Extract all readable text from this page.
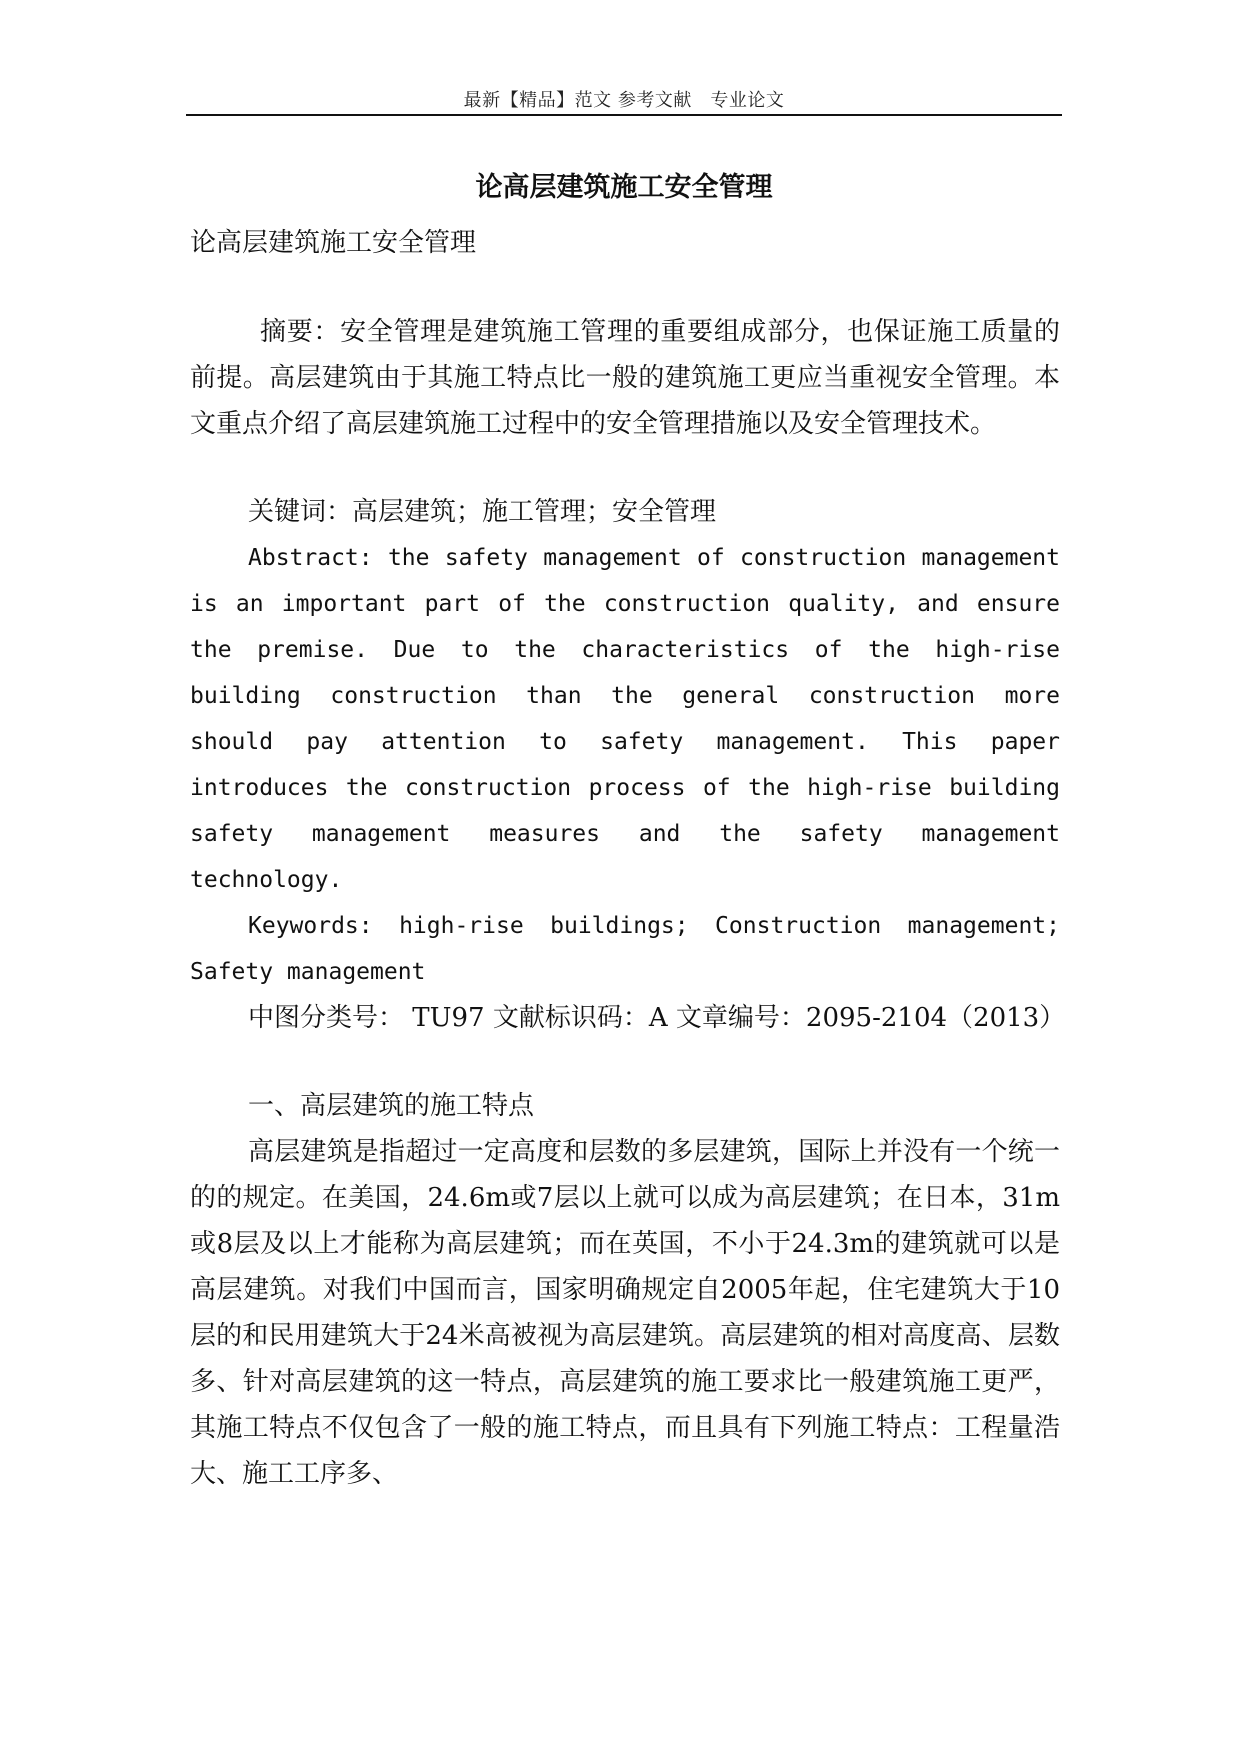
最新【精品】范文 参考文献　专业论文
论高层建筑施工安全管理

论高层建筑施工安全管理

摘要：安全管理是建筑施工管理的重要组成部分，也保证施工质量的前提。高层建筑由于其施工特点比一般的建筑施工更应当重视安全管理。本文重点介绍了高层建筑施工过程中的安全管理措施以及安全管理技术。

关键词：高层建筑；施工管理；安全管理

Abstract: the safety management of construction management is an important part of the construction quality, and ensure the premise. Due to the characteristics of the high-rise building construction than the general construction more should pay attention to safety management. This paper introduces the construction process of the high-rise building safety management measures and the safety management technology.

Keywords: high-rise buildings; Construction management; Safety management

中图分类号： TU97 文献标识码：A 文章编号：2095-2104（2013）

一、高层建筑的施工特点

高层建筑是指超过一定高度和层数的多层建筑，国际上并没有一个统一的的规定。在美国，24.6m或7层以上就可以成为高层建筑；在日本，31m或8层及以上才能称为高层建筑；而在英国，不小于24.3m的建筑就可以是高层建筑。对我们中国而言，国家明确规定自2005年起，住宅建筑大于10层的和民用建筑大于24米高被视为高层建筑。高层建筑的相对高度高、层数多、针对高层建筑的这一特点，高层建筑的施工要求比一般建筑施工更严，其施工特点不仅包含了一般的施工特点，而且具有下列施工特点：工程量浩大、施工工序多、
